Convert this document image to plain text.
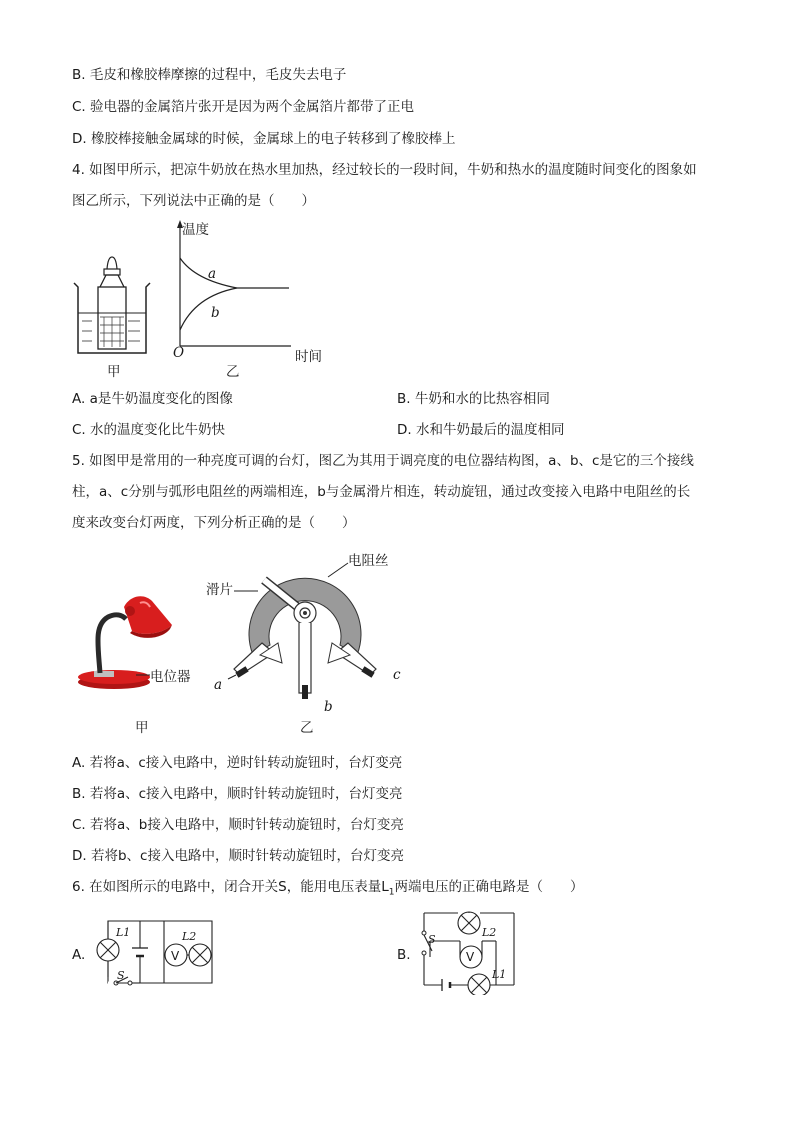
B. 毛皮和橡胶棒摩擦的过程中，毛皮失去电子
C. 验电器的金属箔片张开是因为两个金属箔片都带了正电
D. 橡胶棒接触金属球的时候，金属球上的电子转移到了橡胶棒上
4. 如图甲所示，把凉牛奶放在热水里加热，经过较长的一段时间，牛奶和热水的温度随时间变化的图象如
图乙所示，下列说法中正确的是（　　）
甲
温度
a
b
O	时间
乙
A. a是牛奶温度变化的图像	B. 牛奶和水的比热容相同
C. 水的温度变化比牛奶快	D. 水和牛奶最后的温度相同
5. 如图甲是常用的一种亮度可调的台灯，图乙为其用于调亮度的电位器结构图，a、b、c是它的三个接线
柱，a、c分别与弧形电阻丝的两端相连，b与金属滑片相连，转动旋钮，通过改变接入电路中电阻丝的长
度来改变台灯两度，下列分析正确的是（　　）
电位器
甲
电阻丝
滑片
a
b
c
乙
A. 若将a、c接入电路中，逆时针转动旋钮时，台灯变亮
B. 若将a、c接入电路中，顺时针转动旋钮时，台灯变亮
C. 若将a、b接入电路中，顺时针转动旋钮时，台灯变亮
D. 若将b、c接入电路中，顺时针转动旋钮时，台灯变亮
6. 在如图所示的电路中，闭合开关S，能用电压表量$L_1$两端电压的正确电路是（　　）
A.
L1	L2
V
S
B.
S
L2
V
L1
